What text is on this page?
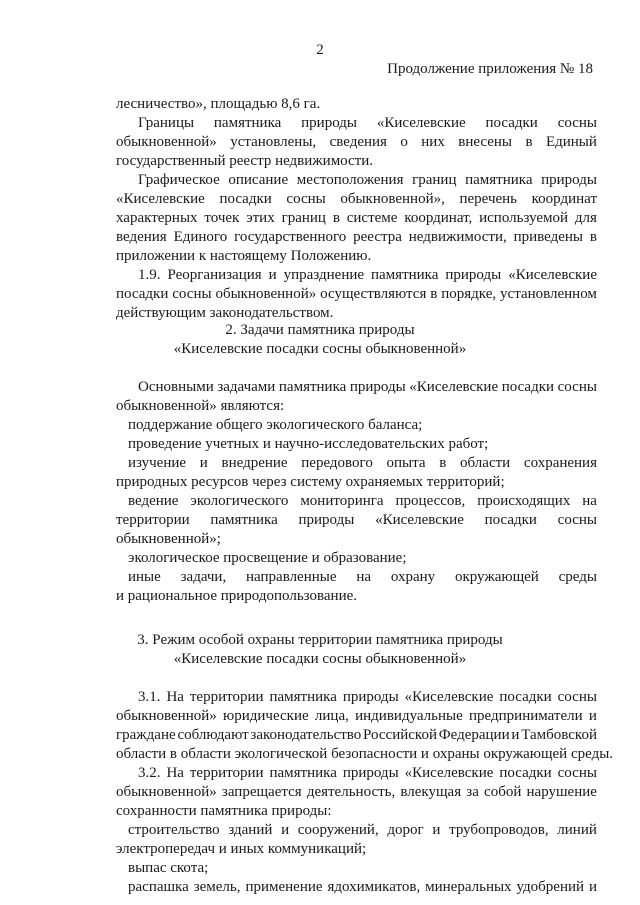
2
Продолжение приложения № 18
лесничество», площадью 8,6 га.
Границы памятника природы «Киселевские посадки сосны
обыкновенной» установлены, сведения о них внесены в Единый
государственный реестр недвижимости.
Графическое описание местоположения границ памятника природы
«Киселевские посадки сосны обыкновенной», перечень координат
характерных точек этих границ в системе координат, используемой для
ведения Единого государственного реестра недвижимости, приведены в
приложении к настоящему Положению.
1.9. Реорганизация и упразднение памятника природы «Киселевские
посадки сосны обыкновенной» осуществляются в порядке, установленном
действующим законодательством.
2. Задачи памятника природы
«Киселевские посадки сосны обыкновенной»
Основными задачами памятника природы «Киселевские посадки сосны
обыкновенной» являются:
поддержание общего экологического баланса;
проведение учетных и научно-исследовательских работ;
изучение и внедрение передового опыта в области сохранения
природных ресурсов через систему охраняемых территорий;
ведение экологического мониторинга процессов, происходящих на
территории памятника природы «Киселевские посадки сосны
обыкновенной»;
экологическое просвещение и образование;
иные задачи, направленные на охрану окружающей среды
и рациональное природопользование.
3. Режим особой охраны территории памятника природы
«Киселевские посадки сосны обыкновенной»
3.1. На территории памятника природы «Киселевские посадки сосны
обыкновенной» юридические лица, индивидуальные предприниматели и
граждане соблюдают законодательство Российской Федерации и Тамбовской
области в области экологической безопасности и охраны окружающей среды.
3.2. На территории памятника природы «Киселевские посадки сосны
обыкновенной» запрещается деятельность, влекущая за собой нарушение
сохранности памятника природы:
строительство зданий и сооружений, дорог и трубопроводов, линий
электропередач и иных коммуникаций;
выпас скота;
распашка земель, применение ядохимикатов, минеральных удобрений и
